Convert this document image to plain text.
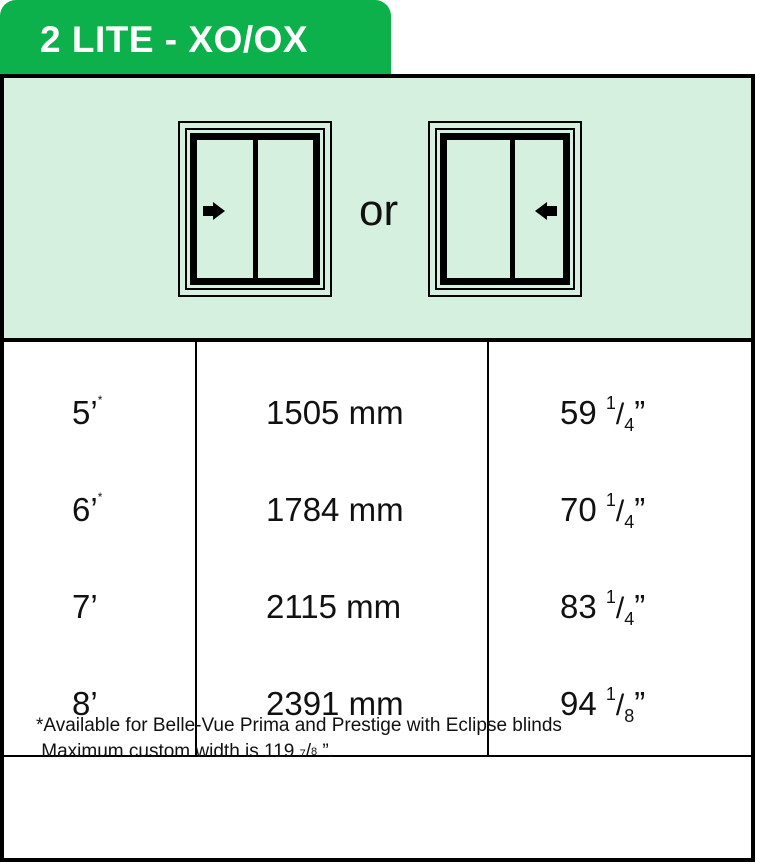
2 LITE - XO/OX
or
5’*	1505 mm	59 $^1$/4”
6’*	1784 mm	70 $^1$/4”
7’	2115 mm	83 $^1$/4”
8’	2391 mm	94 $^1$/8”
*Available for Belle-Vue Prima and Prestige with Eclipse blinds
Maximum custom width is 119 $^7$/8 ”.
